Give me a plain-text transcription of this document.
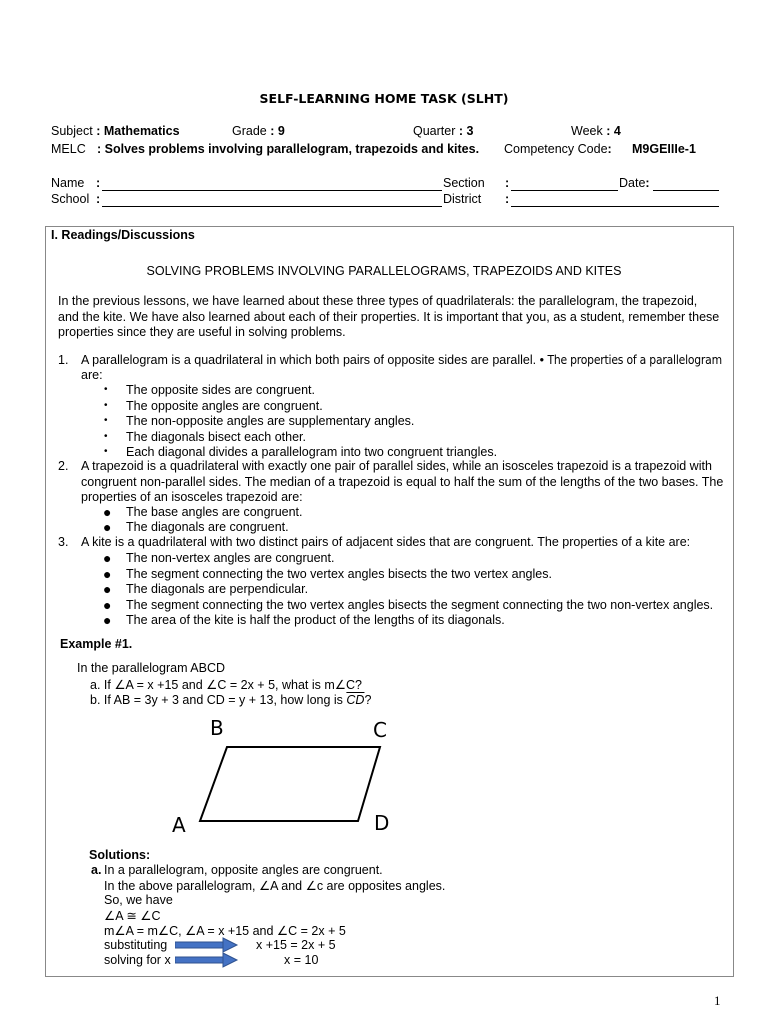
SELF-LEARNING HOME TASK (SLHT)
Subject : Mathematics	Grade : 9	Quarter : 3	Week : 4
MELC : Solves problems involving parallelogram, trapezoids and kites. Competency Code: M9GEIIIe-1
Name :	Section :	Date:
School :	District :
I. Readings/Discussions
SOLVING PROBLEMS INVOLVING PARALLELOGRAMS, TRAPEZOIDS AND KITES
In the previous lessons, we have learned about these three types of quadrilaterals: the parallelogram, the trapezoid,
and the kite. We have also learned about each of their properties. It is important that you, as a student, remember these
properties since they are useful in solving problems.
1. A parallelogram is a quadrilateral in which both pairs of opposite sides are parallel. • The properties of a parallelogram
are:
• The opposite sides are congruent.
• The opposite angles are congruent.
• The non-opposite angles are supplementary angles.
• The diagonals bisect each other.
• Each diagonal divides a parallelogram into two congruent triangles.
2. A trapezoid is a quadrilateral with exactly one pair of parallel sides, while an isosceles trapezoid is a trapezoid with
congruent non-parallel sides. The median of a trapezoid is equal to half the sum of the lengths of the two bases. The
properties of an isosceles trapezoid are:
● The base angles are congruent.
● The diagonals are congruent.
3. A kite is a quadrilateral with two distinct pairs of adjacent sides that are congruent. The properties of a kite are:
● The non-vertex angles are congruent.
● The segment connecting the two vertex angles bisects the two vertex angles.
● The diagonals are perpendicular.
● The segment connecting the two vertex angles bisects the segment connecting the two non-vertex angles.
● The area of the kite is half the product of the lengths of its diagonals.
Example #1.
In the parallelogram ABCD
a. If ∠A = x +15 and ∠C = 2x + 5, what is m∠C?
b. If AB = 3y + 3 and CD = y + 13, how long is $\overline{CD}$?
B	C
A	D
Solutions:
a. In a parallelogram, opposite angles are congruent.
In the above parallelogram, ∠A and ∠c are opposites angles.
So, we have
∠A ≅ ∠C
m∠A = m∠C, ∠A = x +15 and ∠C = 2x + 5
substituting	x +15 = 2x + 5
solving for x	x = 10
1
